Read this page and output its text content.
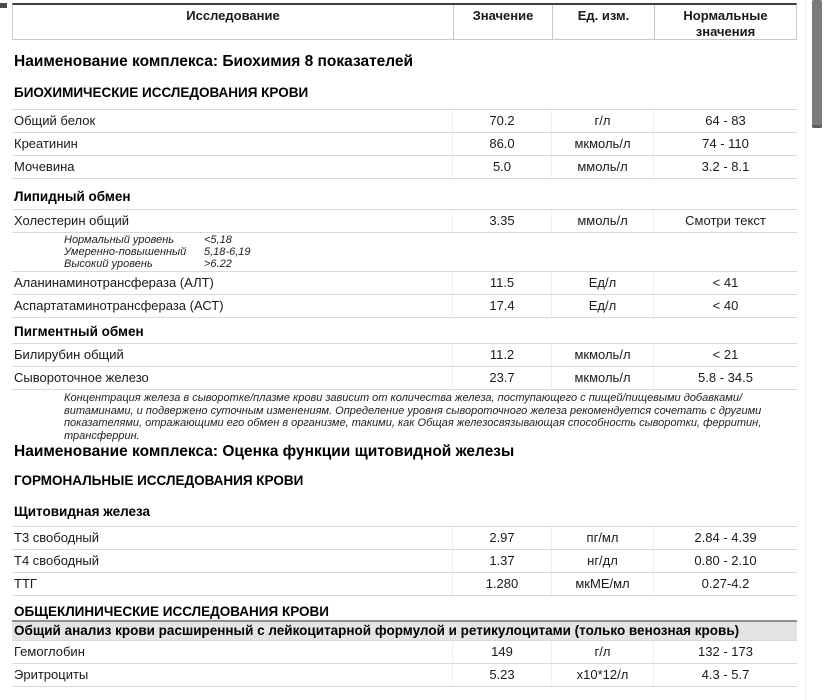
Исследование	Значение	Ед. изм.	Нормальные значения
Наименование комплекса: Биохимия 8 показателей
БИОХИМИЧЕСКИЕ ИССЛЕДОВАНИЯ КРОВИ
Общий белок	70.2	г/л	64 - 83
Креатинин	86.0	мкмоль/л	74 - 110
Мочевина	5.0	ммоль/л	3.2 - 8.1
Липидный обмен
Холестерин общий	3.35	ммоль/л	Смотри текст
Нормальный уровень	<5,18
Умеренно-повышенный	5,18-6,19
Высокий уровень	>6.22
Аланинаминотрансфераза (АЛТ)	11.5	Ед/л	< 41
Аспартатаминотрансфераза (АСТ)	17.4	Ед/л	< 40
Пигментный обмен
Билирубин общий	11.2	мкмоль/л	< 21
Сывороточное железо	23.7	мкмоль/л	5.8 - 34.5

Концентрация железа в сыворотке/плазме крови зависит от количества железа, поступающего с пищей/пищевыми добавками/витаминами, и подвержено суточным изменениям. Определение уровня сывороточного железа рекомендуется сочетать с другими показателями, отражающими его обмен в организме, такими, как Общая железосвязывающая способность сыворотки, ферритин, трансферрин.

Наименование комплекса: Оценка функции щитовидной железы
ГОРМОНАЛЬНЫЕ ИССЛЕДОВАНИЯ КРОВИ
Щитовидная железа
Т3 свободный	2.97	пг/мл	2.84 - 4.39
Т4 свободный	1.37	нг/дл	0.80 - 2.10
ТТГ	1.280	мкМЕ/мл	0.27-4.2
ОБЩЕКЛИНИЧЕСКИЕ ИССЛЕДОВАНИЯ КРОВИ
Общий анализ крови расширенный с лейкоцитарной формулой и ретикулоцитами (только венозная кровь)
Гемоглобин	149	г/л	132 - 173
Эритроциты	5.23	х10*12/л	4.3 - 5.7
